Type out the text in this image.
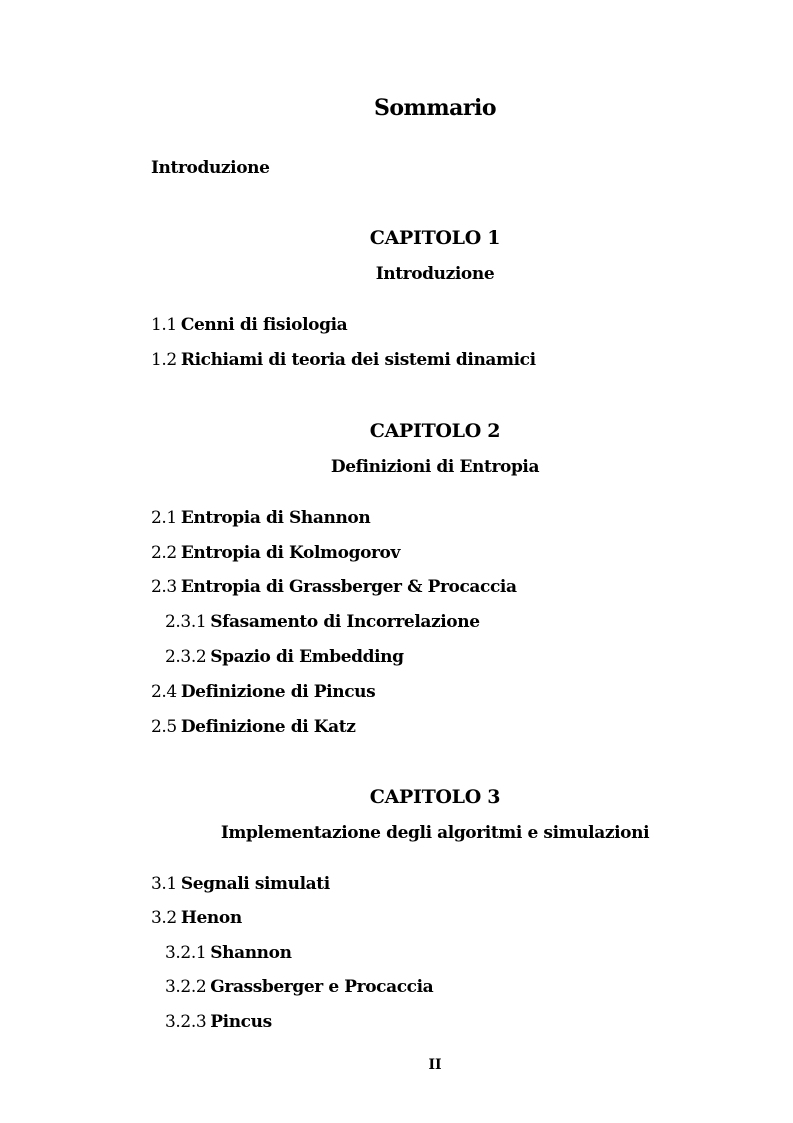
Sommario
Introduzione
CAPITOLO 1
Introduzione
1.1 Cenni di fisiologia
1.2 Richiami di teoria dei sistemi dinamici
CAPITOLO 2
Definizioni di Entropia
2.1 Entropia di Shannon
2.2 Entropia di Kolmogorov
2.3 Entropia di Grassberger & Procaccia
2.3.1 Sfasamento di Incorrelazione
2.3.2 Spazio di Embedding
2.4 Definizione di Pincus
2.5 Definizione di Katz
CAPITOLO 3
Implementazione degli algoritmi e simulazioni
3.1 Segnali simulati
3.2 Henon
3.2.1 Shannon
3.2.2 Grassberger e Procaccia
3.2.3 Pincus
II
